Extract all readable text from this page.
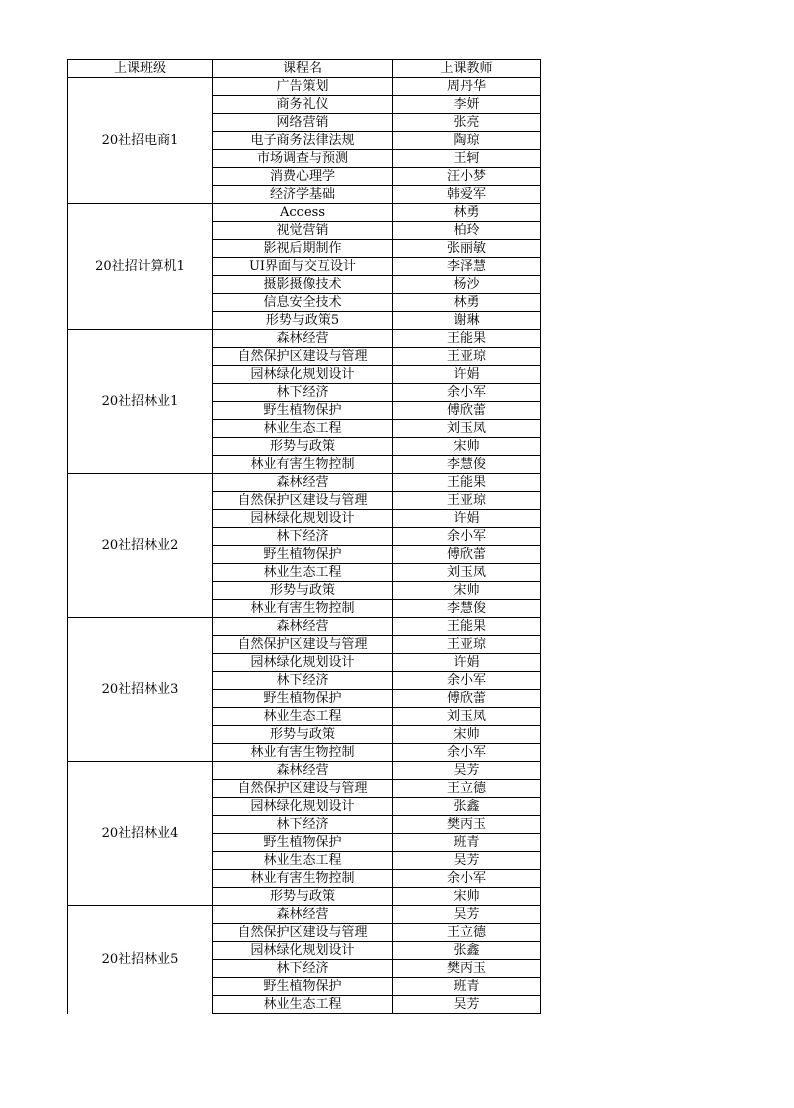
上课班级	课程名	上课教师
20社招电商1	广告策划	周丹华
	商务礼仪	李妍
	网络营销	张亮
	电子商务法律法规	陶琼
	市场调查与预测	王轲
	消费心理学	汪小梦
	经济学基础	韩爱军
20社招计算机1	Access	林勇
	视觉营销	柏玲
	影视后期制作	张丽敏
	UI界面与交互设计	李泽慧
	摄影摄像技术	杨沙
	信息安全技术	林勇
	形势与政策5	谢琳
20社招林业1	森林经营	王能果
	自然保护区建设与管理	王亚琼
	园林绿化规划设计	许娟
	林下经济	余小军
	野生植物保护	傅欣蕾
	林业生态工程	刘玉凤
	形势与政策	宋帅
	林业有害生物控制	李慧俊
20社招林业2	森林经营	王能果
	自然保护区建设与管理	王亚琼
	园林绿化规划设计	许娟
	林下经济	余小军
	野生植物保护	傅欣蕾
	林业生态工程	刘玉凤
	形势与政策	宋帅
	林业有害生物控制	李慧俊
20社招林业3	森林经营	王能果
	自然保护区建设与管理	王亚琼
	园林绿化规划设计	许娟
	林下经济	余小军
	野生植物保护	傅欣蕾
	林业生态工程	刘玉凤
	形势与政策	宋帅
	林业有害生物控制	余小军
20社招林业4	森林经营	吴芳
	自然保护区建设与管理	王立德
	园林绿化规划设计	张鑫
	林下经济	樊丙玉
	野生植物保护	班青
	林业生态工程	吴芳
	林业有害生物控制	余小军
	形势与政策	宋帅
20社招林业5	森林经营	吴芳
	自然保护区建设与管理	王立德
	园林绿化规划设计	张鑫
	林下经济	樊丙玉
	野生植物保护	班青
	林业生态工程	吴芳
